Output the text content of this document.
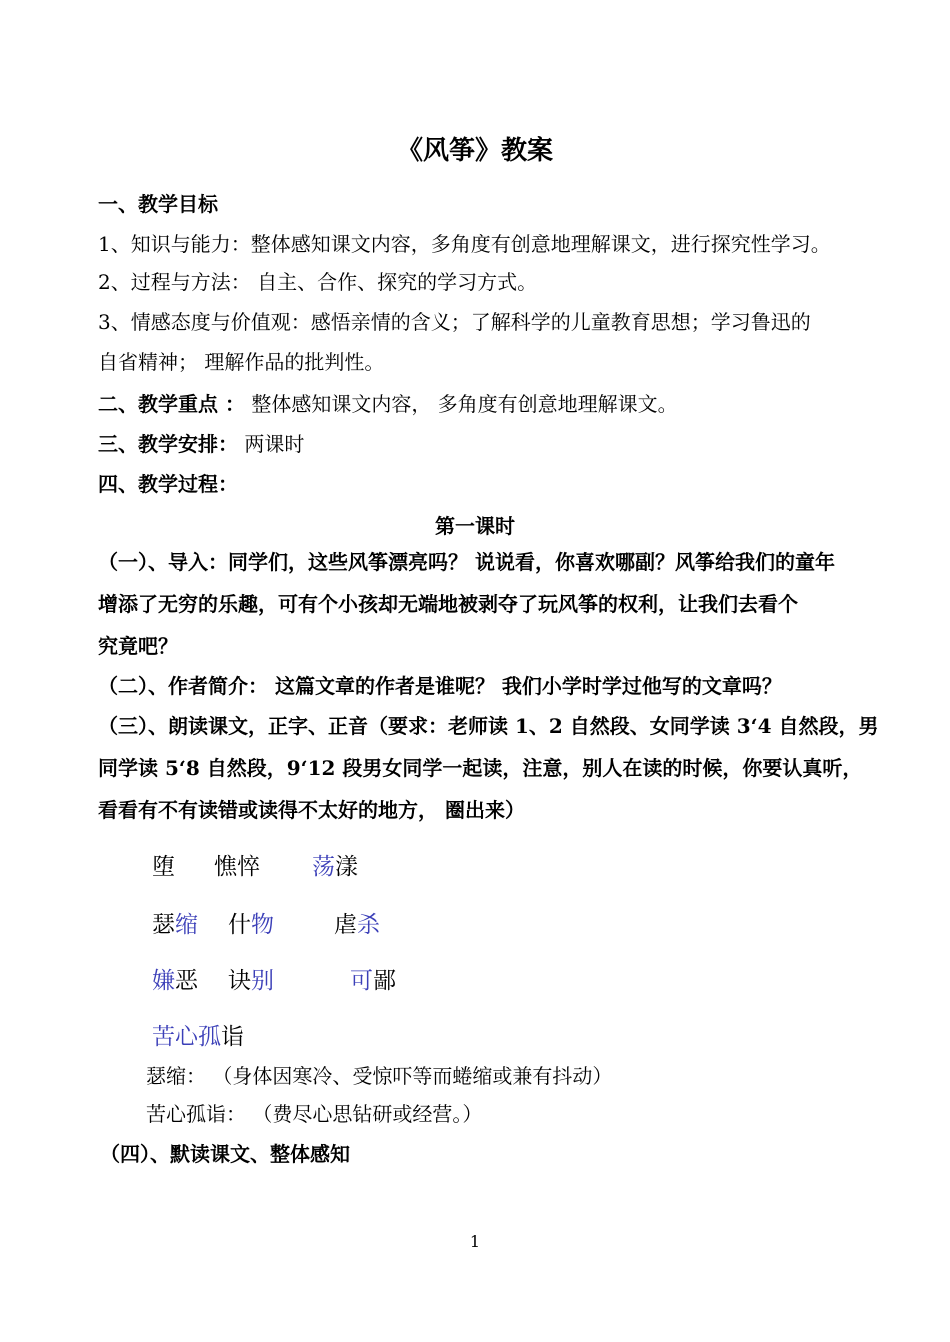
《风筝》教案
一、教学目标
1、知识与能力：整体感知课文内容，多角度有创意地理解课文，进行探究性学习。
2、过程与方法： 自主、合作、探究的学习方式。
3、情感态度与价值观：感悟亲情的含义；了解科学的儿童教育思想；学习鲁迅的
自省精神； 理解作品的批判性。
二、教学重点 ： 整体感知课文内容， 多角度有创意地理解课文。
三、教学安排： 两课时
四、教学过程：
第一课时
（一）、导入：同学们，这些风筝漂亮吗？ 说说看，你喜欢哪副？风筝给我们的童年
增添了无穷的乐趣，可有个小孩却无端地被剥夺了玩风筝的权利，让我们去看个
究竟吧？
（二）、作者简介： 这篇文章的作者是谁呢？ 我们小学时学过他写的文章吗？
（三）、朗读课文，正字、正音（要求：老师读 1、2 自然段、女同学读 3‘4 自然段，男
同学读 5‘8 自然段，9‘12 段男女同学一起读，注意，别人在读的时候，你要认真听，
看看有不有读错或读得不太好的地方， 圈出来）
堕 憔悴 荡漾
瑟缩 什物	虐杀
嫌恶 诀别	可鄙
苦心孤诣
瑟缩： （身体因寒冷、受惊吓等而蜷缩或兼有抖动）
苦心孤诣： （费尽心思钻研或经营。）
（四）、默读课文、整体感知
1
